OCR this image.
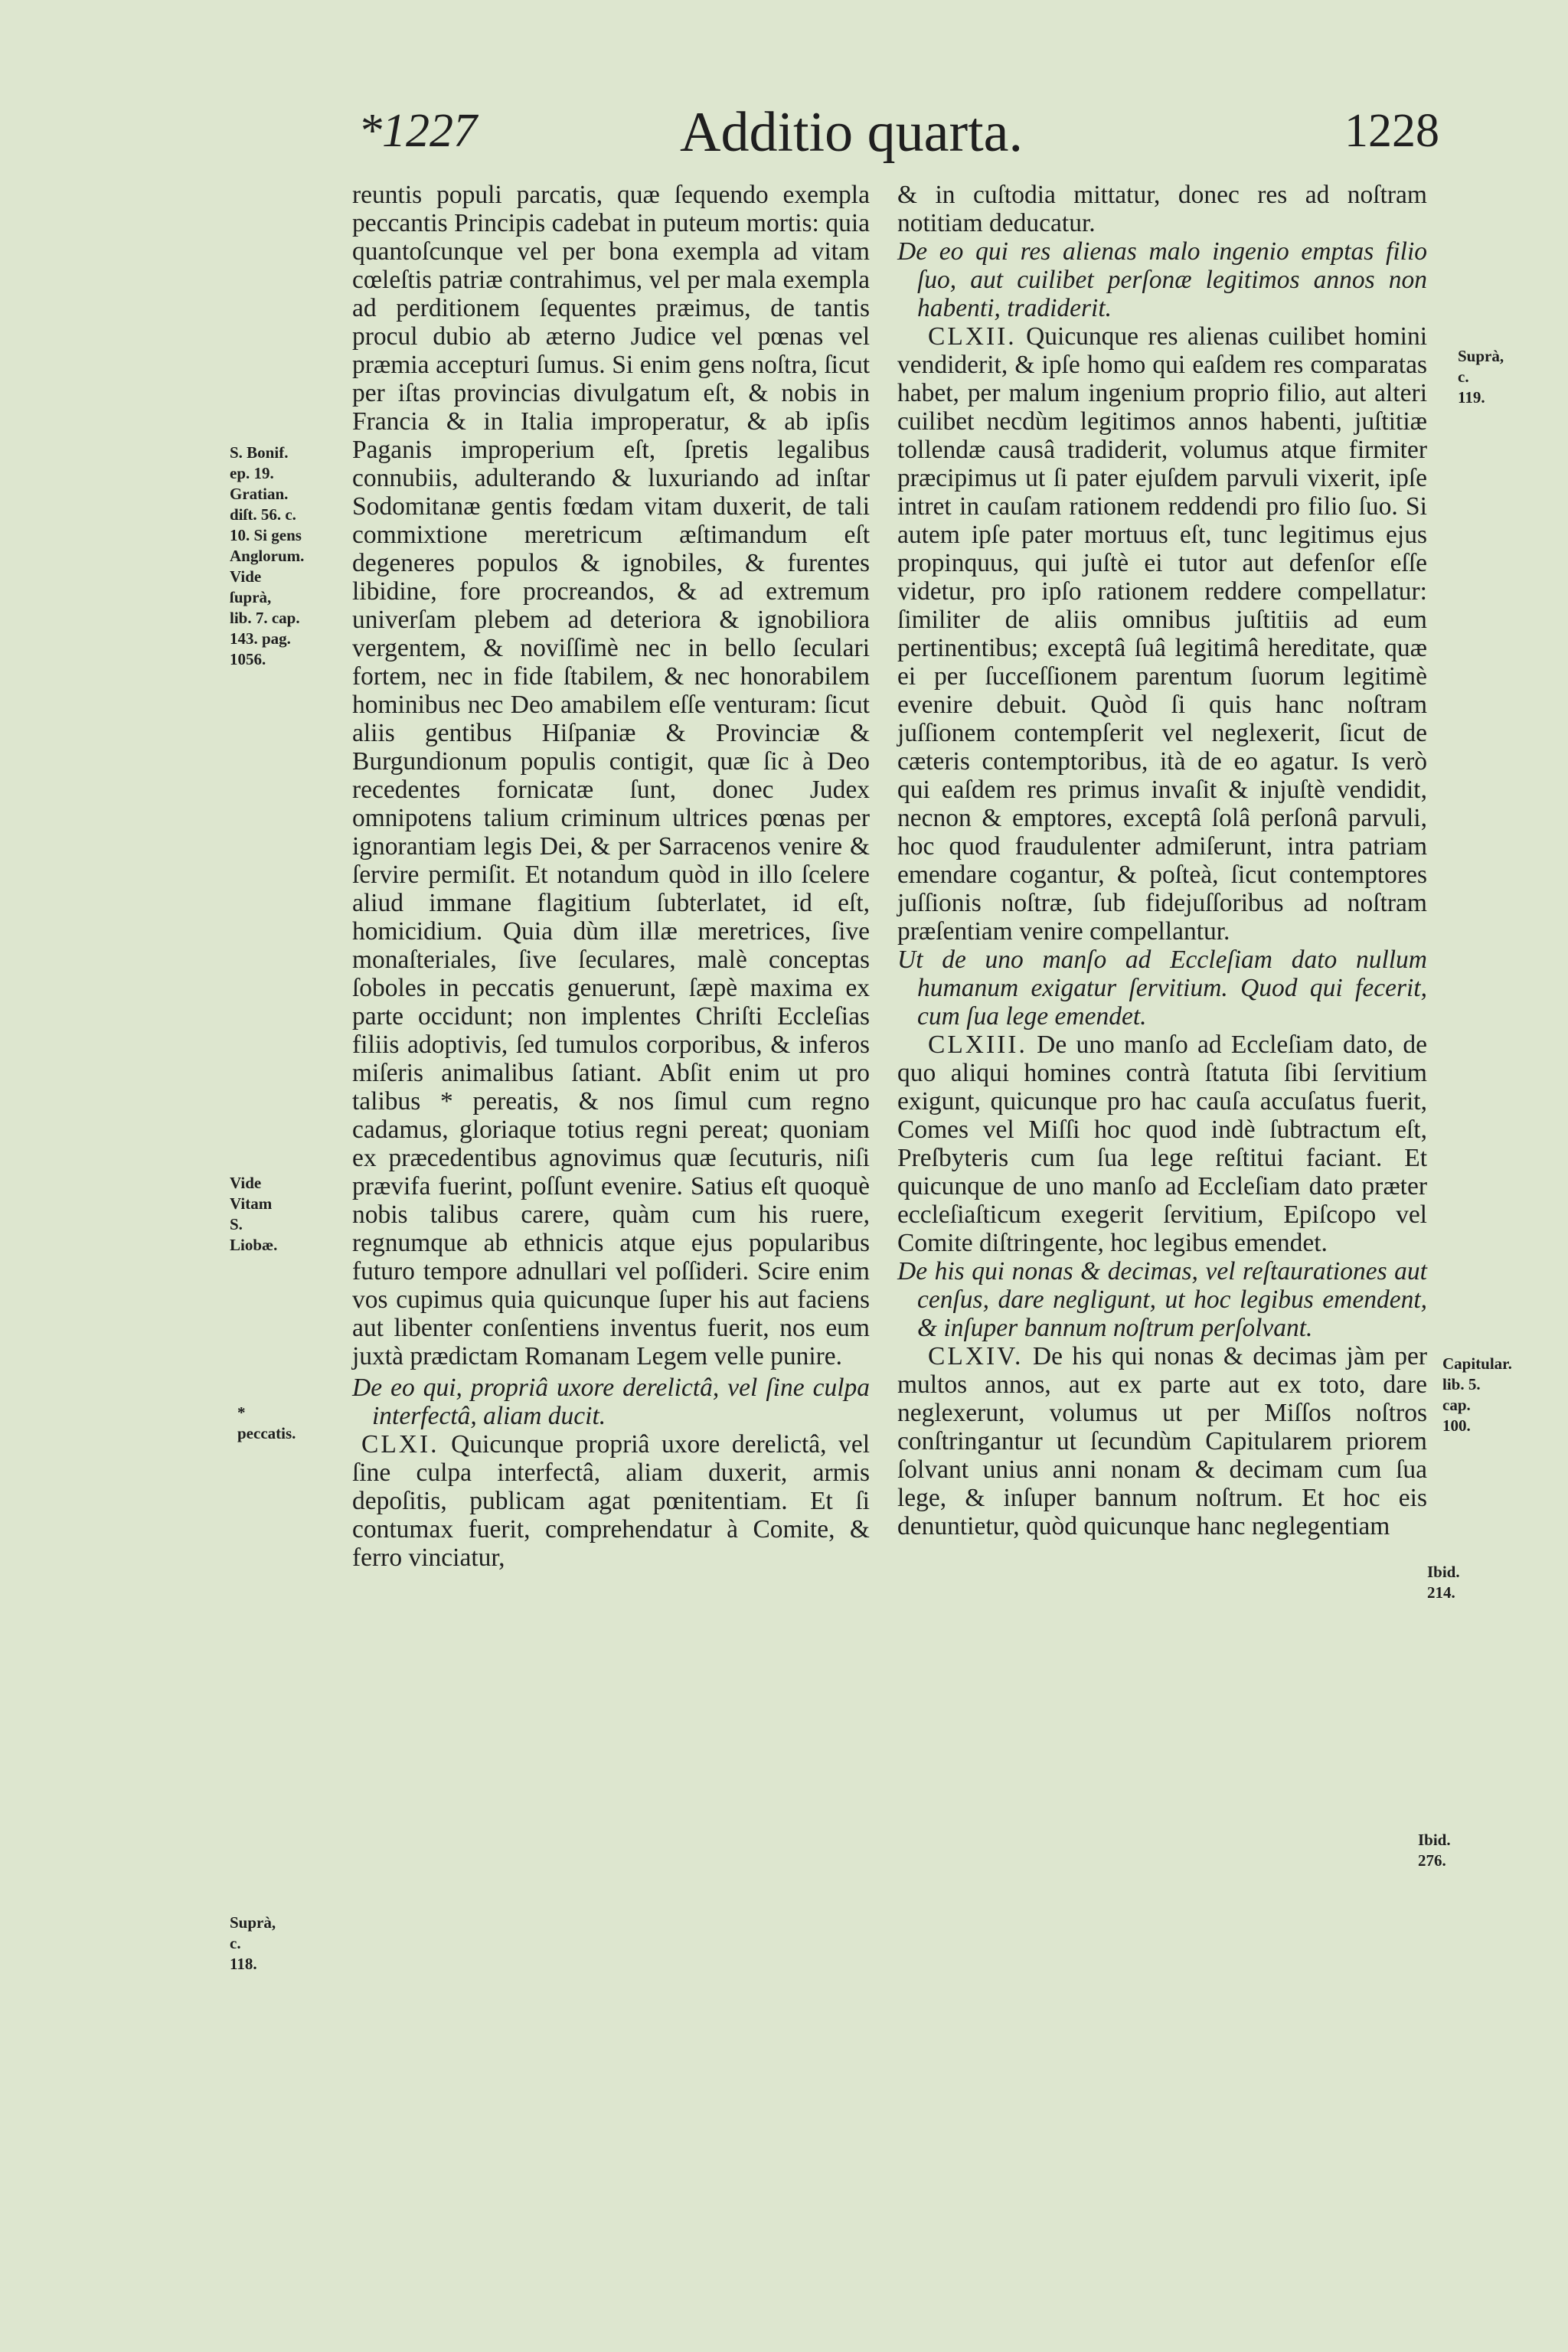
*1227	Additio quarta.	1228
S. Bonif.
ep. 19.
Gratian.
diſt. 56. c.
10. Si gens
Anglorum.
Vide ſuprà,
lib. 7. cap.
143. pag.
1056.
Vide Vitam
S. Liobæ.
* peccatis.
Suprà, c.
118.

reuntis populi parcatis, quæ ſequendo exempla peccantis Principis cadebat in puteum mortis: quia quantoſcunque vel per bona exempla ad vitam cœleſtis patriæ contrahimus, vel per mala exempla ad perditionem ſequentes præimus, de tantis procul dubio ab æterno Judice vel pœnas vel præmia accepturi ſumus. Si enim gens noſtra, ſicut per iſtas provincias divulgatum eſt, & nobis in Francia & in Italia improperatur, & ab ipſis Paganis improperium eſt, ſpretis legalibus connubiis, adulterando & luxuriando ad inſtar Sodomitanæ gentis fœdam vitam duxerit, de tali commixtione meretricum æſtimandum eſt degeneres populos & ignobiles, & furentes libidine, fore procreandos, & ad extremum univerſam plebem ad deteriora & ignobiliora vergentem, & noviſſimè nec in bello ſeculari fortem, nec in fide ſtabilem, & nec honorabilem hominibus nec Deo amabilem eſſe venturam: ſicut aliis gentibus Hiſpaniæ & Provinciæ & Burgundionum populis contigit, quæ ſic à Deo recedentes fornicatæ ſunt, donec Judex omnipotens talium criminum ultrices pœnas per ignorantiam legis Dei, & per Sarracenos venire & ſervire permiſit. Et notandum quòd in illo ſcelere aliud immane flagitium ſubterlatet, id eſt, homicidium. Quia dùm illæ meretrices, ſive monaſteriales, ſive ſeculares, malè conceptas ſoboles in peccatis genuerunt, ſæpè maxima ex parte occidunt; non implentes Chriſti Eccleſias filiis adoptivis, ſed tumulos corporibus, & inferos miſeris animalibus ſatiant. Abſit enim ut pro talibus * pereatis, & nos ſimul cum regno cadamus, gloriaque totius regni pereat; quoniam ex præcedentibus agnovimus quæ ſecuturis, niſi prævifa fuerint, poſſunt evenire. Satius eſt quoquè nobis talibus carere, quàm cum his ruere, regnumque ab ethnicis atque ejus popularibus futuro tempore adnullari vel poſſideri. Scire enim vos cupimus quia quicunque ſuper his aut faciens aut libenter conſentiens inventus fuerit, nos eum juxtà prædictam Romanam Legem velle punire.

De eo qui, propriâ uxore derelictâ, vel ſine culpa interfectâ, aliam ducit.

CLXI. Quicunque propriâ uxore derelictâ, vel ſine culpa interfectâ, aliam duxerit, armis depoſitis, publicam agat pœnitentiam. Et ſi contumax fuerit, comprehendatur à Comite, & ferro vinciatur,

& in cuſtodia mittatur, donec res ad noſtram notitiam deducatur.

De eo qui res alienas malo ingenio emptas filio ſuo, aut cuilibet perſonæ legitimos annos non habenti, tradiderit.

CLXII. Quicunque res alienas cuilibet homini vendiderit, & ipſe homo qui eaſdem res comparatas habet, per malum ingenium proprio filio, aut alteri cuilibet necdùm legitimos annos habenti, juſtitiæ tollendæ causâ tradiderit, volumus atque firmiter præcipimus ut ſi pater ejuſdem parvuli vixerit, ipſe intret in cauſam rationem reddendi pro filio ſuo. Si autem ipſe pater mortuus eſt, tunc legitimus ejus propinquus, qui juſtè ei tutor aut defenſor eſſe videtur, pro ipſo rationem reddere compellatur: ſimiliter de aliis omnibus juſtitiis ad eum pertinentibus; exceptâ ſuâ legitimâ hereditate, quæ ei per ſucceſſionem parentum ſuorum legitimè evenire debuit. Quòd ſi quis hanc noſtram juſſionem contempſerit vel neglexerit, ſicut de cæteris contemptoribus, ità de eo agatur. Is verò qui eaſdem res primus invaſit & injuſtè vendidit, necnon & emptores, exceptâ ſolâ perſonâ parvuli, hoc quod fraudulenter admiſerunt, intra patriam emendare cogantur, & poſteà, ſicut contemptores juſſionis noſtræ, ſub fidejuſſoribus ad noſtram præſentiam venire compellantur.

Ut de uno manſo ad Eccleſiam dato nullum humanum exigatur ſervitium. Quod qui fecerit, cum ſua lege emendet.

CLXIII. De uno manſo ad Eccleſiam dato, de quo aliqui homines contrà ſtatuta ſibi ſervitium exigunt, quicunque pro hac cauſa accuſatus fuerit, Comes vel Miſſi hoc quod indè ſubtractum eſt, Preſbyteris cum ſua lege reſtitui faciant. Et quicunque de uno manſo ad Eccleſiam dato præter eccleſiaſticum exegerit ſervitium, Epiſcopo vel Comite diſtringente, hoc legibus emendet.

De his qui nonas & decimas, vel reſtaurationes aut cenſus, dare negligunt, ut hoc legibus emendent, & inſuper bannum noſtrum perſolvant.

CLXIV. De his qui nonas & decimas jàm per multos annos, aut ex parte aut ex toto, dare neglexerunt, volumus ut per Miſſos noſtros conſtringantur ut ſecundùm Capitularem priorem ſolvant unius anni nonam & decimam cum ſua lege, & inſuper bannum noſtrum. Et hoc eis denuntietur, quòd quicunque hanc neglegentiam

Suprà, c.
119.
Capitular.
lib. 5. cap.
100.
Ibid. 214.
Ibid. 276.
